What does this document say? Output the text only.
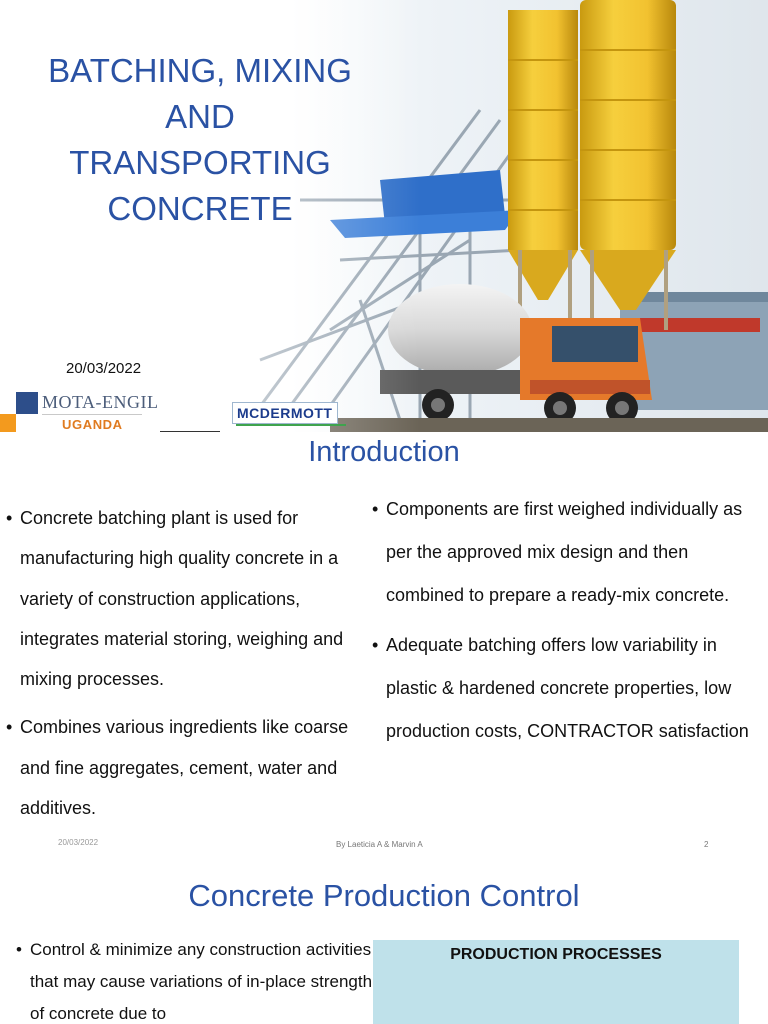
BATCHING, MIXING
AND
TRANSPORTING
CONCRETE
20/03/2022
MOTA-ENGIL
UGANDA
MCDERMOTT
Introduction
• Concrete batching plant is used for manufacturing high quality concrete in a variety of construction applications, integrates material storing, weighing and mixing processes.
• Combines various ingredients like coarse and fine aggregates, cement, water and additives.
• Components are first weighed individually as per the approved mix design and then combined to prepare a ready-mix concrete.
• Adequate batching offers low variability in plastic & hardened concrete properties, low production costs, CONTRACTOR satisfaction
20/03/2022	By Laeticia A & Marvin A	2
Concrete Production Control
• Control & minimize any construction activities that may cause variations of in-place strength of concrete due to
PRODUCTION PROCESSES
